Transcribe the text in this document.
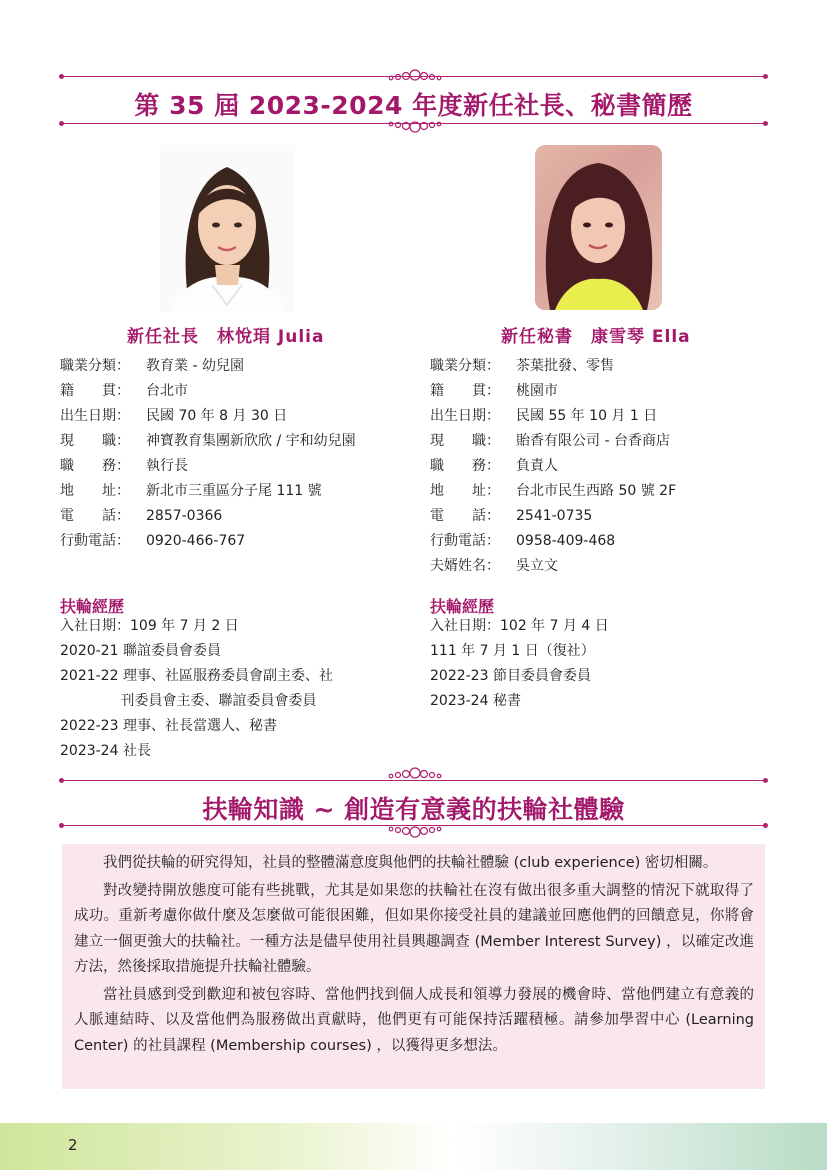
第 35 屆 2023-2024 年度新任社長、秘書簡歷
新任社長　林悅琄 Julia	新任秘書　康雪琴 Ella
職業分類：	教育業 - 幼兒園
籍　　貫：	台北市
出生日期：	民國 70 年 8 月 30 日
現　　職：	神寶教育集團新欣欣 / 宇和幼兒園
職　　務：	執行長
地　　址：	新北市三重區分子尾 111 號
電　　話：	2857-0366
行動電話：	0920-466-767
職業分類：	茶葉批發、零售
籍　　貫：	桃園市
出生日期：	民國 55 年 10 月 1 日
現　　職：	貽香有限公司 - 台香商店
職　　務：	負責人
地　　址：	台北市民生西路 50 號 2F
電　　話：	2541-0735
行動電話：	0958-409-468
夫婿姓名：	吳立文
扶輪經歷
入社日期：109 年 7 月 2 日
2020-21 聯誼委員會委員
2021-22 理事、社區服務委員會副主委、社
　　　　 刊委員會主委、聯誼委員會委員
2022-23 理事、社長當選人、秘書
2023-24 社長
扶輪經歷
入社日期：102 年 7 月 4 日
111 年 7 月 1 日（復社）
2022-23 節目委員會委員
2023-24 秘書
扶輪知識 ~ 創造有意義的扶輪社體驗

我們從扶輪的研究得知，社員的整體滿意度與他們的扶輪社體驗 (club experience) 密切相關。

對改變持開放態度可能有些挑戰，尤其是如果您的扶輪社在沒有做出很多重大調整的情況下就取得了成功。重新考慮你做什麼及怎麼做可能很困難，但如果你接受社員的建議並回應他們的回饋意見，你將會建立一個更強大的扶輪社。一種方法是儘早使用社員興趣調查 (Member Interest Survey) ，以確定改進方法，然後採取措施提升扶輪社體驗。

當社員感到受到歡迎和被包容時、當他們找到個人成長和領導力發展的機會時、當他們建立有意義的人脈連結時、以及當他們為服務做出貢獻時，他們更有可能保持活躍積極。請參加學習中心 (Learning Center) 的社員課程 (Membership courses) ，以獲得更多想法。

2
